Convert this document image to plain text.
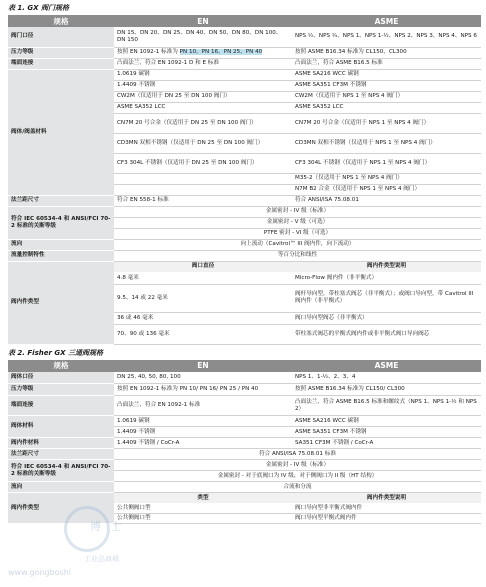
表 1. GX 阀门规格
规格	EN	ASME
阀门口径	DN 15、DN 20、DN 25、DN 40、DN 50、DN 80、DN 100、DN 150	NPS ½、NPS ¾、NPS 1、NPS 1-½、NPS 2、NPS 3、NPS 4、NPS 6
压力等级	按照 EN 1092-1 标准为 PN 10、PN 16、PN 25、PN 40	按照 ASME B16.34 标准为 CL150、CL300
端面连接	凸面法兰，符合 EN 1092-1 D 和 E 标准	凸面法兰，符合 ASME B16.5 标准
阀体/阀盖材料	1.0619 碳钢	ASME SA216 WCC 碳钢
	1.4409 不锈钢	ASME SA351 CF3M 不锈钢
	CW2M（仅适用于 DN 25 至 DN 100 阀门）	CW2M（仅适用于 NPS 1 至 NPS 4 阀门）
	ASME SA352 LCC	ASME SA352 LCC
	CN7M 20 号合金（仅适用于 DN 25 至 DN 100 阀门）	CN7M 20 号合金（仅适用于 NPS 1 至 NPS 4 阀门）
	CD3MN 双相不锈钢（仅适用于 DN 25 至 DN 100 阀门）	CD3MN 双相不锈钢（仅适用于 NPS 1 至 NPS 4 阀门）
	CF3 304L 不锈钢（仅适用于 DN 25 至 DN 100 阀门）	CF3 304L 不锈钢（仅适用于 NPS 1 至 NPS 4 阀门）
		M35-2（仅适用于 NPS 1 至 NPS 4 阀门）
		N7M B2 合金（仅适用于 NPS 1 至 NPS 4 阀门）
法兰距尺寸	符合 EN 558-1 标准	符合 ANSI/ISA 75.08.01
符合 IEC 60534-4 和 ANSI/FCI 70-2 标准的关断等级	金属密封 - IV 级（标准）	
	金属密封 - V 级（可选）	
	PTFE 密封 - VI 级（可选）	
流向	向上流动（Cavitrol™ III 阀内件，向下流动）	
流量控制特性	等百分比和线性	
阀内件类型	阀口直径	阀内件类型说明
	4.8 毫米	Micro-Flow 阀内件（非平衡式）
	9.5、14 或 22 毫米	阀杆导向型，带柱塞式阀芯（非平衡式）；或阀口导向型，带 Cavitrol III 阀内件（非平衡式）
	36 或 46 毫米	阀口导向型阀芯（非平衡式）
	70、90 或 136 毫米	带柱塞式阀芯的平衡式阀内件或非平衡式阀口导向阀芯
表 2. Fisher GX 三通阀规格
规格	EN	ASME
阀体口径	DN 25, 40, 50, 80, 100	NPS 1、1-½、2、3、4
压力等级	按照 EN 1092-1 标准为 PN 10/ PN 16/ PN 25 / PN 40	按照 ASME B16.34 标准为 CL150/ CL300
端面连接	凸面法兰，符合 EN 1092-1 标准	凸面法兰，符合 ASME B16.5 标准和螺纹式（NPS 1、NPS 1-½ 和 NPS 2）
阀体材料	1.0619 碳钢	ASME SA216 WCC 碳钢
	1.4409 不锈钢	ASME SA351 CF3M 不锈钢
阀内件材料	1.4409 不锈钢 / CoCr-A	SA351 CF3M 不锈钢 / CoCr-A
法兰距尺寸	符合 ANSI/ISA 75.08.01 标准	
符合 IEC 60534-4 和 ANSI/FCI 70-2 标准的关断等级	金属密封 - IV 级（标准）	
	金属密封 - 对于底阀口为 IV 级，对于侧阀口为 II 级（HT 结构）	
流向	合流和分流	
阀内件类型	类型	阀内件类型说明
	公共侧阀口型	阀口导向型非平衡式阀内件
	公共侧阀口型	阀口导向型平衡式阀内件
博 士
工业品商城
www.gongboshi
